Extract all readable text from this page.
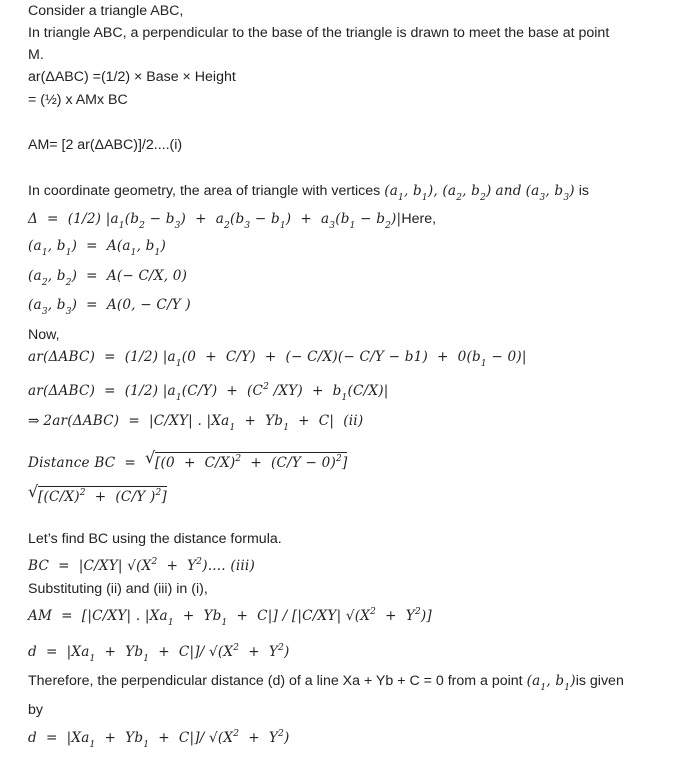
Consider a triangle ABC,
In triangle ABC, a perpendicular to the base of the triangle is drawn to meet the base at point
M.
ar(ΔABC) =(1/2) × Base × Height
= (½) x AMx BC
AM= [2 ar(ΔABC)]/2....(i)
In coordinate geometry, the area of triangle with vertices ($a_1$, $b_1$), ($a_2$, $b_2$) and ($a_3$, $b_3$) is
Δ  =  (1/2) $|a_1(b_2 - b_3) + a_2(b_3 - b_1) + a_3(b_1$ − $b_2)|Here$,
($a_1$, $b_1) = A(a_1$, $b_1$)
($a_2$, $b_2) = A(- C/X$, 0)
($a_3$, $b_3) = A(0$, − C/Y )
Now,
ar(ΔABC)  =  (1/2) $|a_1(0 + C/Y)$  +  (− $C/X)(- C/Y - b1) + 0(b_1 - 0)|$
ar(ΔABC)  =  (1/2) $|a_1(C/Y) + (C^2$ $/XY) + b_1(C/X)|$
⇒ 2ar(ΔABC)  =  |C/XY| . $|Xa_1 + Yb_1 + C|$  (ii)
Distance BC  = √ $[(0 + C/X)^2 + (C/Y - 0)^2]$
√ [$(C/X)^2 + (C/Y$ )$^2$]
Let’s find BC using the distance formula.
BC  =  |C/XY| $√(X^2 + Y^2)$.... (iii)
Substituting (ii) and (iii) in (i),
AM  =  [|C/XY| . $|Xa_1 + Yb_1 + C|] / [|C/XY|$ $√(X^2 + Y^2)$]
$d = |Xa_1 + Yb_1 + C|]/$ $√(X^2 + Y^2)$
Therefore, the perpendicular distance (d) of a line Xa + Yb + C = 0 from a point ($a_1$, $b_1)is$ given
by
$d = |Xa_1 + Yb_1 + C|]/$ $√(X^2 + Y^2)$
